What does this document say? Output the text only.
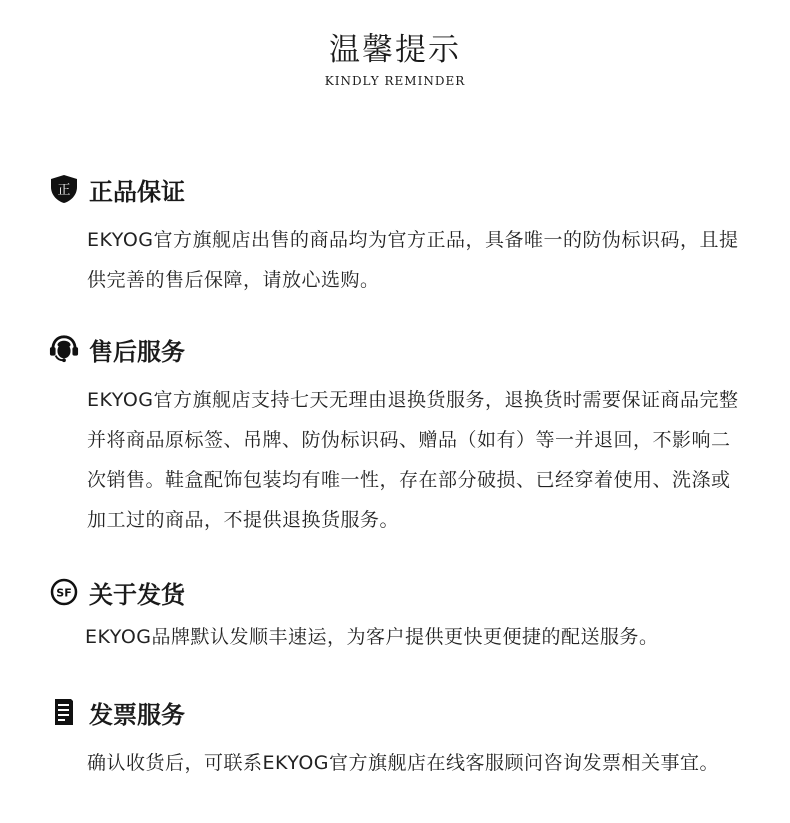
温馨提示
KINDLY REMINDER
正 正品保证
EKYOG官方旗舰店出售的商品均为官方正品，具备唯一的防伪标识码，且提供完善的售后保障，请放心选购。
售后服务
EKYOG官方旗舰店支持七天无理由退换货服务，退换货时需要保证商品完整并将商品原标签、吊牌、防伪标识码、赠品（如有）等一并退回，不影响二次销售。鞋盒配饰包装均有唯一性，存在部分破损、已经穿着使用、洗涤或加工过的商品，不提供退换货服务。
SF 关于发货
EKYOG品牌默认发顺丰速运，为客户提供更快更便捷的配送服务。
发票服务
确认收货后，可联系EKYOG官方旗舰店在线客服顾问咨询发票相关事宜。
